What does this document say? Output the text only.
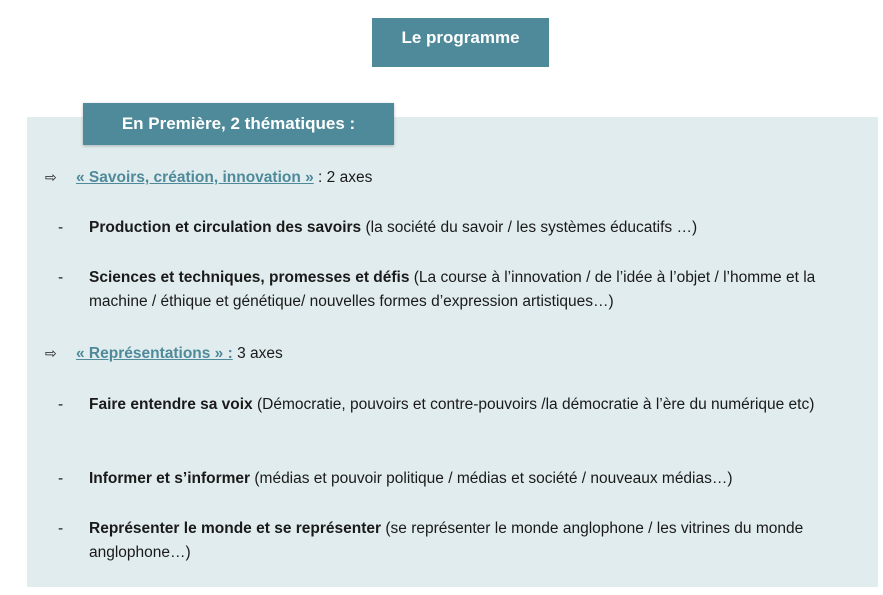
Le programme
En Première, 2 thématiques :
⇨ « Savoirs, création, innovation » : 2 axes
- Production et circulation des savoirs (la société du savoir / les systèmes éducatifs …)
- Sciences et techniques, promesses et défis (La course à l’innovation / de l’idée à l’objet / l’homme et la machine / éthique et génétique/ nouvelles formes d’expression artistiques…)
⇨ « Représentations » : 3 axes
- Faire entendre sa voix (Démocratie, pouvoirs et contre-pouvoirs /la démocratie à l’ère du numérique etc)
- Informer et s’informer (médias et pouvoir politique / médias et société / nouveaux médias…)
- Représenter le monde et se représenter (se représenter le monde anglophone / les vitrines du monde anglophone…)
